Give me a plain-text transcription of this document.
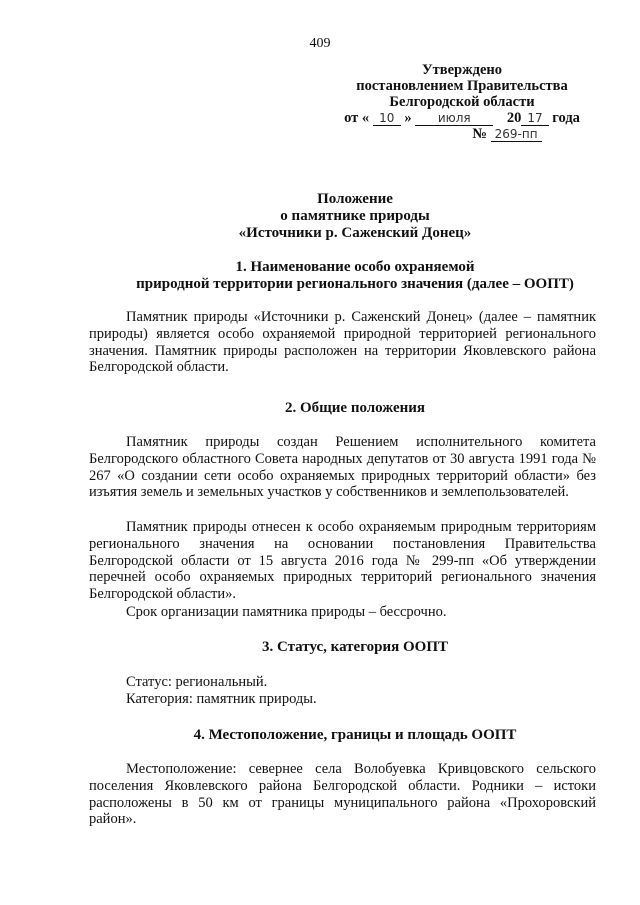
409
Утверждено
постановлением Правительства
Белгородской области
от « 10 » июля 20 17 года
№ 269-пп
Положение
о памятнике природы
«Источники р. Саженский Донец»
1. Наименование особо охраняемой
природной территории регионального значения (далее – ООПТ)

Памятник природы «Источники р. Саженский Донец» (далее – памятник природы) является особо охраняемой природной территорией регионального значения. Памятник природы расположен на территории Яковлевского района Белгородской области.

2. Общие положения

Памятник природы создан Решением исполнительного комитета Белгородского областного Совета народных депутатов от 30 августа 1991 года № 267 «О создании сети особо охраняемых природных территорий области» без изъятия земель и земельных участков у собственников и землепользователей.

Памятник природы отнесен к особо охраняемым природным территориям регионального значения на основании постановления Правительства Белгородской области от 15 августа 2016 года № 299-пп «Об утверждении перечней особо охраняемых природных территорий регионального значения Белгородской области».

Срок организации памятника природы – бессрочно.

3. Статус, категория ООПТ

Статус: региональный.

Категория: памятник природы.

4. Местоположение, границы и площадь ООПТ

Местоположение: севернее села Волобуевка Кривцовского сельского поселения Яковлевского района Белгородской области. Родники – истоки расположены в 50 км от границы муниципального района «Прохоровский район».
